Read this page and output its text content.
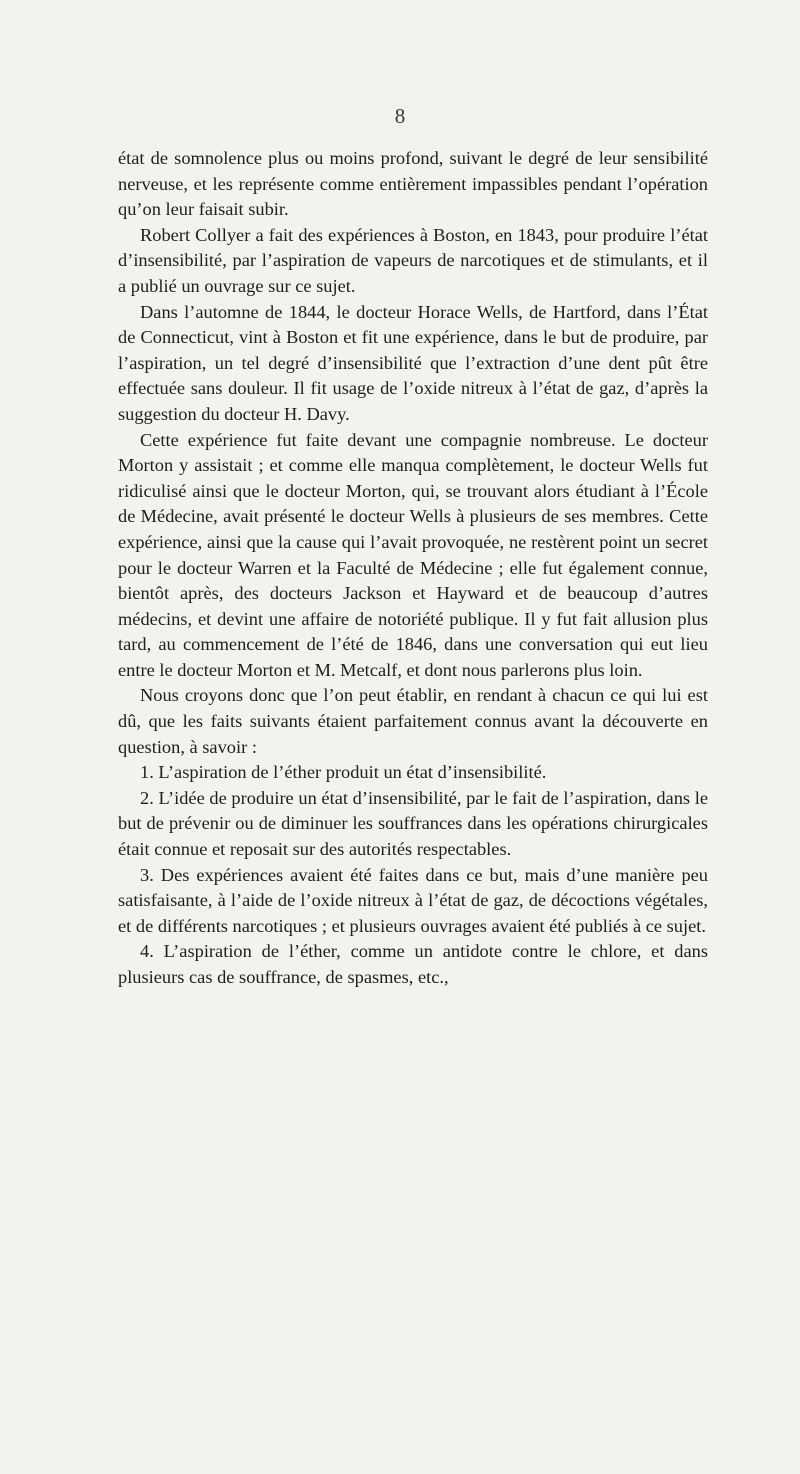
8

état de somnolence plus ou moins profond, suivant le degré de leur sensibilité nerveuse, et les représente comme entièrement impassibles pendant l’opération qu’on leur faisait subir.

Robert Collyer a fait des expériences à Boston, en 1843, pour produire l’état d’insensibilité, par l’aspiration de vapeurs de narcotiques et de stimulants, et il a publié un ouvrage sur ce sujet.

Dans l’automne de 1844, le docteur Horace Wells, de Hartford, dans l’État de Connecticut, vint à Boston et fit une expérience, dans le but de produire, par l’aspiration, un tel degré d’insensibilité que l’extraction d’une dent pût être effectuée sans douleur. Il fit usage de l’oxide nitreux à l’état de gaz, d’après la suggestion du docteur H. Davy.

Cette expérience fut faite devant une compagnie nombreuse. Le docteur Morton y assistait ; et comme elle manqua complètement, le docteur Wells fut ridiculisé ainsi que le docteur Morton, qui, se trouvant alors étudiant à l’École de Médecine, avait présenté le docteur Wells à plusieurs de ses membres. Cette expérience, ainsi que la cause qui l’avait provoquée, ne restèrent point un secret pour le docteur Warren et la Faculté de Médecine ; elle fut également connue, bientôt après, des docteurs Jackson et Hayward et de beaucoup d’autres médecins, et devint une affaire de notoriété publique. Il y fut fait allusion plus tard, au commencement de l’été de 1846, dans une conversation qui eut lieu entre le docteur Morton et M. Metcalf, et dont nous parlerons plus loin.

Nous croyons donc que l’on peut établir, en rendant à chacun ce qui lui est dû, que les faits suivants étaient parfaitement connus avant la découverte en question, à savoir :

1. L’aspiration de l’éther produit un état d’insensibilité.

2. L’idée de produire un état d’insensibilité, par le fait de l’aspiration, dans le but de prévenir ou de diminuer les souffrances dans les opérations chirurgicales était connue et reposait sur des autorités respectables.

3. Des expériences avaient été faites dans ce but, mais d’une manière peu satisfaisante, à l’aide de l’oxide nitreux à l’état de gaz, de décoctions végétales, et de différents narcotiques ; et plusieurs ouvrages avaient été publiés à ce sujet.

4. L’aspiration de l’éther, comme un antidote contre le chlore, et dans plusieurs cas de souffrance, de spasmes, etc.,
